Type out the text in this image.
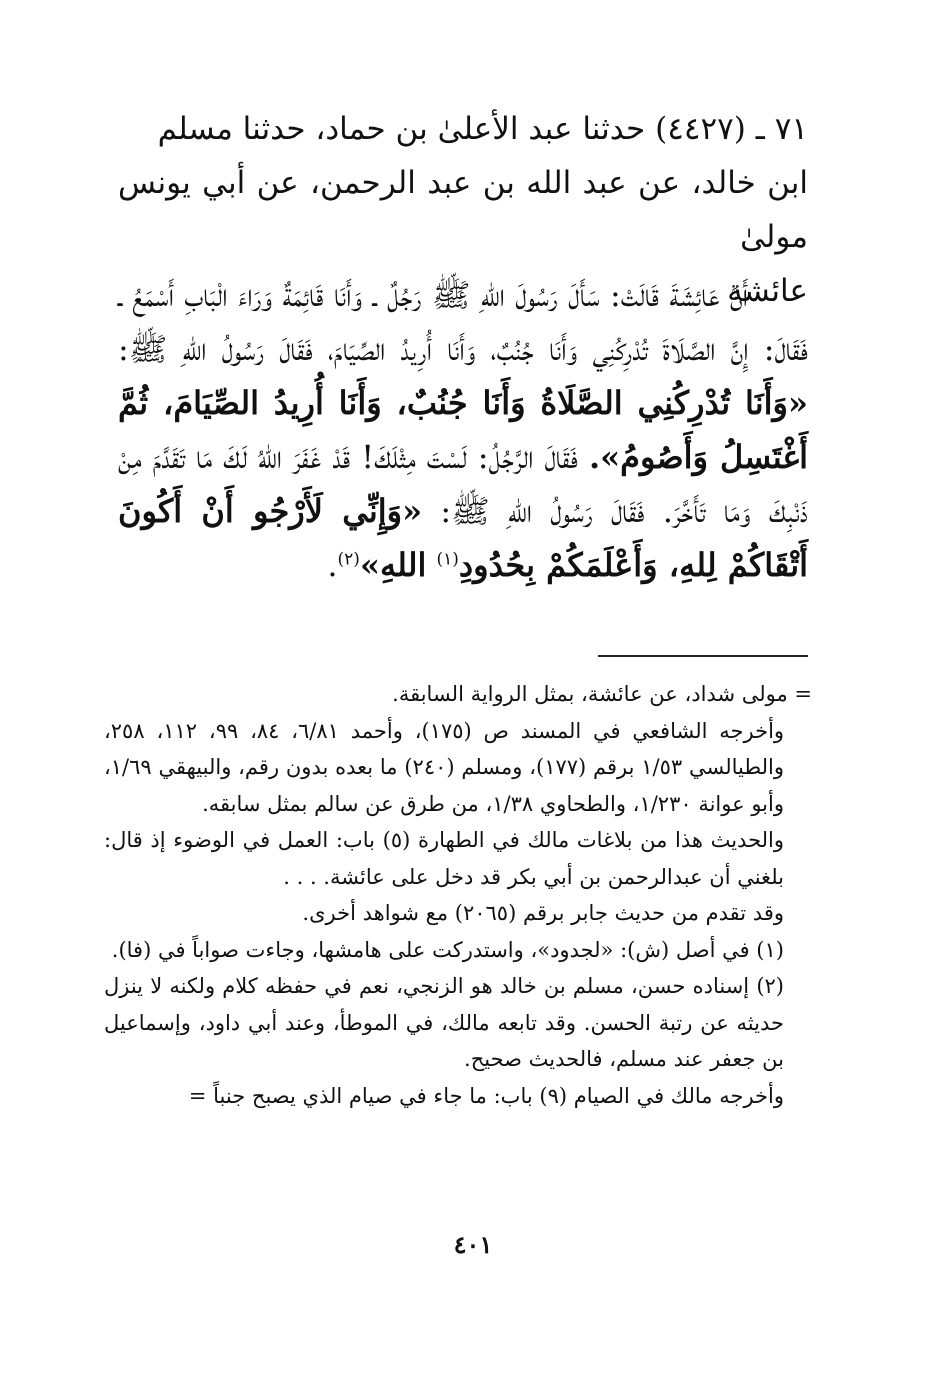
٧١ ـ (٤٤٢٧) حدثنا عبد الأعلىٰ بن حماد، حدثنا مسلم

ابن خالد، عن عبد الله بن عبد الرحمن، عن أبي يونس مولىٰ

عائشة

أَنَّ عَائِشَةَ قَالَتْ: سَأَلَ رَسُولَ اللهِ ﷺ رَجُلٌ ـ وَأَنَا قَائِمَةٌ وَرَاءَ الْبَابِ أَسْمَعُ ـ فَقَالَ: إِنَّ الصَّلَاةَ تُدْرِكُنِي وَأَنَا جُنُبٌ، وَأَنَا أُرِيدُ الصِّيَامَ، فَقَالَ رَسُولُ اللهِ ﷺ: «وَأَنَا تُدْرِكُنِي الصَّلَاةُ وَأَنَا جُنُبٌ، وَأَنَا أُرِيدُ الصِّيَامَ، ثُمَّ أَغْتَسِلُ وَأَصُومُ». فَقَالَ الرَّجُلُ: لَسْتَ مِثْلَكَ! قَدْ غَفَرَ اللهُ لَكَ مَا تَقَدَّمَ مِنْ ذَنْبِكَ وَمَا تَأَخَّرَ. فَقَالَ رَسُولُ اللهِ ﷺ: «وَإِنِّي لَأَرْجُو أَنْ أَكُونَ أَتْقَاكُمْ لِلهِ، وَأَعْلَمَكُمْ بِحُدُودِ$^{(١)}$ اللهِ»$^{(٢)}$.

= مولى شداد، عن عائشة، بمثل الرواية السابقة.

وأخرجه الشافعي في المسند ص (١٧٥)، وأحمد ٦/٨١، ٨٤، ٩٩، ١١٢، ٢٥٨، والطيالسي ١/٥٣ برقم (١٧٧)، ومسلم (٢٤٠) ما بعده بدون رقم، والبيهقي ١/٦٩، وأبو عوانة ١/٢٣٠، والطحاوي ١/٣٨، من طرق عن سالم بمثل سابقه.

والحديث هذا من بلاغات مالك في الطهارة (٥) باب: العمل في الوضوء إذ قال: بلغني أن عبدالرحمن بن أبي بكر قد دخل على عائشة. . . .

وقد تقدم من حديث جابر برقم (٢٠٦٥) مع شواهد أخرى.

(١) في أصل (ش): «لجدود»، واستدركت على هامشها، وجاءت صواباً في (فا).

(٢) إسناده حسن، مسلم بن خالد هو الزنجي، نعم في حفظه كلام ولكنه لا ينزل حديثه عن رتبة الحسن. وقد تابعه مالك، في الموطأ، وعند أبي داود، وإسماعيل بن جعفر عند مسلم، فالحديث صحيح.

وأخرجه مالك في الصيام (٩) باب: ما جاء في صيام الذي يصبح جنباً =

٤٠١
